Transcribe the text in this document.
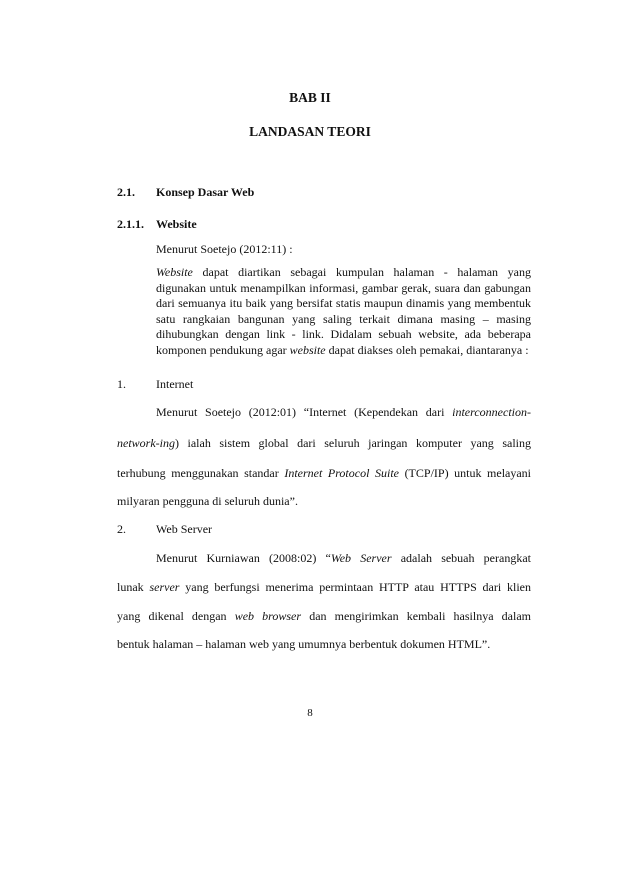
BAB II
LANDASAN TEORI
2.1. Konsep Dasar Web
2.1.1. Website
Menurut Soetejo (2012:11) :
Website dapat diartikan sebagai kumpulan halaman - halaman yang digunakan untuk menampilkan informasi, gambar gerak, suara dan gabungan dari semuanya itu baik yang bersifat statis maupun dinamis yang membentuk satu rangkaian bangunan yang saling terkait dimana masing – masing dihubungkan dengan link - link. Didalam sebuah website, ada beberapa komponen pendukung agar website dapat diakses oleh pemakai, diantaranya :
1.	Internet
Menurut Soetejo (2012:01) “Internet (Kependekan dari interconnection-
network-ing) ialah sistem global dari seluruh jaringan komputer yang saling
terhubung menggunakan standar Internet Protocol Suite (TCP/IP) untuk melayani
milyaran pengguna di seluruh dunia”.
2.	Web Server
Menurut Kurniawan (2008:02) “Web Server adalah sebuah perangkat
lunak server yang berfungsi menerima permintaan HTTP atau HTTPS dari klien
yang dikenal dengan web browser dan mengirimkan kembali hasilnya dalam
bentuk halaman – halaman web yang umumnya berbentuk dokumen HTML”.
8
